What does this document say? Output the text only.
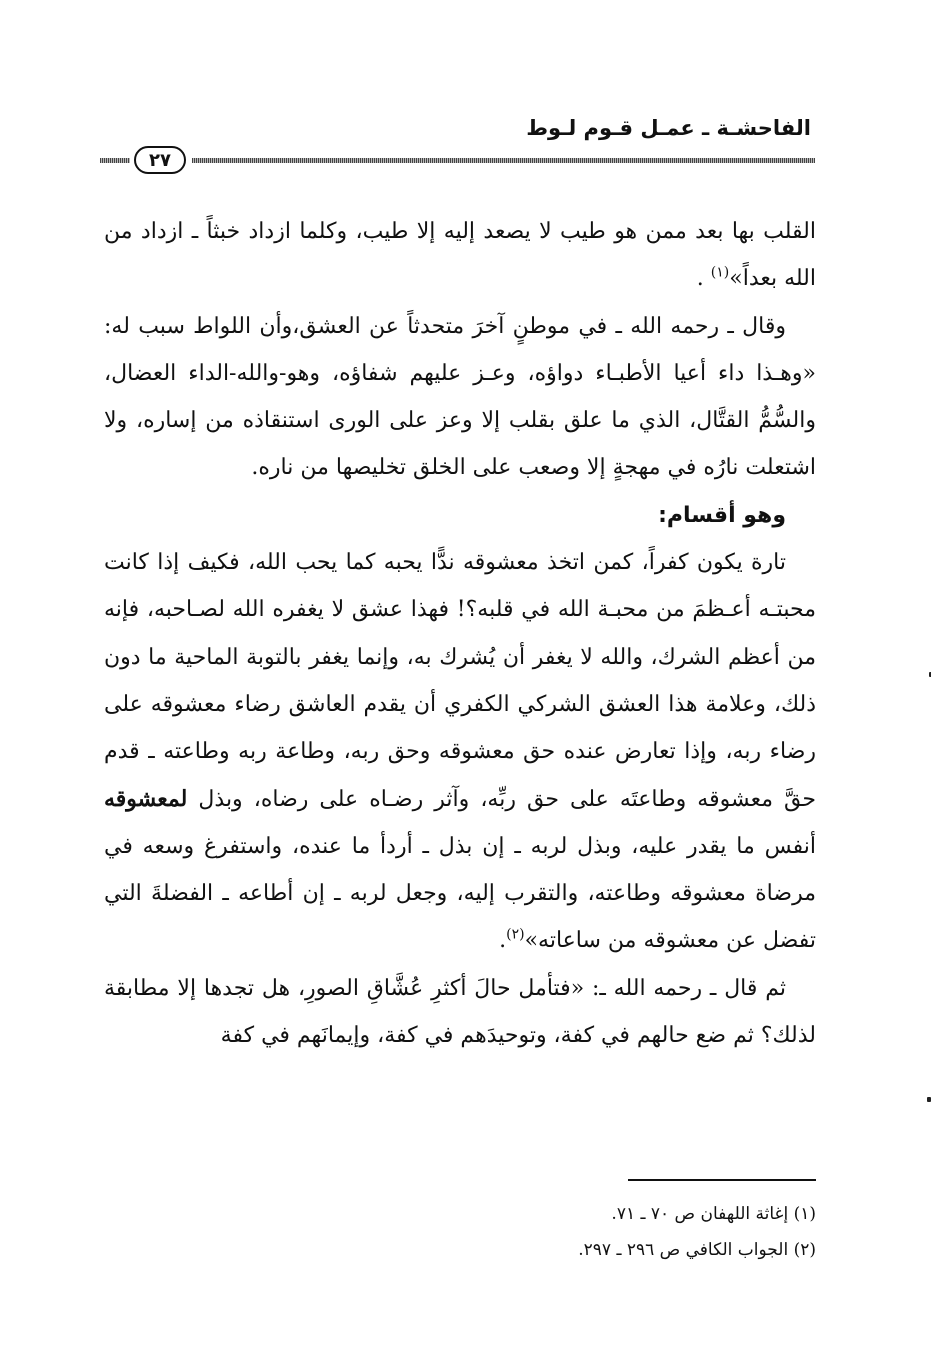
الفاحشـة ـ عمـل قـوم لـوط
٢٧

القلب بها بعد ممن هو طيب لا يصعد إليه إلا طيب، وكلما ازداد خبثاً ـ ازداد من الله بعداً»$^{(١)}$ .

وقال ـ رحمه الله ـ في موطنٍ آخرَ متحدثاً عن العشق،وأن اللواط سبب له: «وهـذا داء أعيا الأطبـاء دواؤه، وعـز عليهم شفاؤه، وهو-والله-الداء العضال، والسُّمُّ القتَّال، الذي ما علق بقلب إلا وعز على الورى استنقاذه من إساره، ولا اشتعلت نارُه في مهجةٍ إلا وصعب على الخلق تخليصها من ناره.

وهو أقسام:

تارة يكون كفراً، كمن اتخذ معشوقه ندًّا يحبه كما يحب الله، فكيف إذا كانت محبتـه أعـظمَ من محبـة الله في قلبه؟! فهذا عشق لا يغفره الله لصـاحبه، فإنه من أعظم الشرك، والله لا يغفر أن يُشرك به، وإنما يغفر بالتوبة الماحية ما دون ذلك، وعلامة هذا العشق الشركي الكفري أن يقدم العاشق رضاء معشوقه على رضاء ربه، وإذا تعارض عنده حق معشوقه وحق ربه، وطاعة ربه وطاعته ـ قدم حقَّ معشوقه وطاعتَه على حق ربِّه، وآثر رضـاه على رضاه، وبذل لمعشوقه أنفس ما يقدر عليه، وبذل لربه ـ إن بذل ـ أردأ ما عنده، واستفرغ وسعه في مرضاة معشوقه وطاعته، والتقرب إليه، وجعل لربه ـ إن أطاعه ـ الفضلةَ التي تفضل عن معشوقه من ساعاته»$^{(٢)}$.

ثم قال ـ رحمه الله ـ: «فتأمل حالَ أكثرِ عُشَّاقِ الصورِ، هل تجدها إلا مطابقة لذلك؟ ثم ضع حالهم في كفة، وتوحيدَهم في كفة، وإيمانَهم في كفة

(١) إغاثة اللهفان ص ٧٠ ـ ٧١.
(٢) الجواب الكافي ص ٢٩٦ ـ ٢٩٧.
